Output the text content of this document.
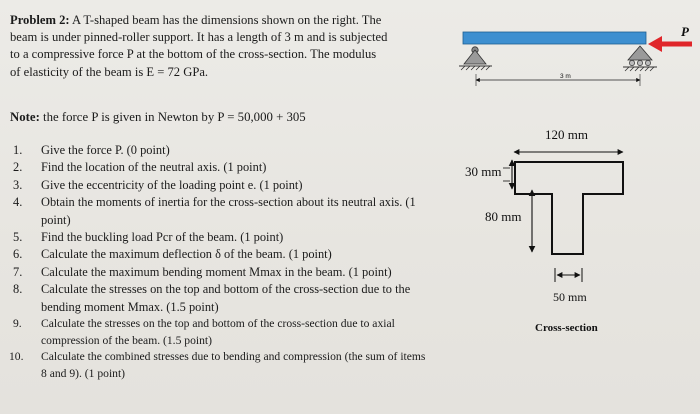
Problem 2: A T-shaped beam has the dimensions shown on the right. The
beam is under pinned-roller support. It has a length of 3 m and is subjected
to a compressive force P at the bottom of the cross-section. The modulus
of elasticity of the beam is E = 72 GPa.
Note: the force P is given in Newton by P = 50,000 + 305
1. Give the force P. (0 point)
2. Find the location of the neutral axis. (1 point)
3. Give the eccentricity of the loading point e. (1 point)
4. Obtain the moments of inertia for the cross-section about its neutral axis. (1 point)
5. Find the buckling load Pcr of the beam. (1 point)
6. Calculate the maximum deflection δ of the beam. (1 point)
7. Calculate the maximum bending moment Mmax in the beam. (1 point)
8. Calculate the stresses on the top and bottom of the cross-section due to the bending moment Mmax. (1.5 point)
9. Calculate the stresses on the top and bottom of the cross-section due to axial compression of the beam. (1.5 point)
10. Calculate the combined stresses due to bending and compression (the sum of items 8 and 9). (1 point)
3 m
P
120 mm
30 mm
80 mm
50 mm
Cross-section
